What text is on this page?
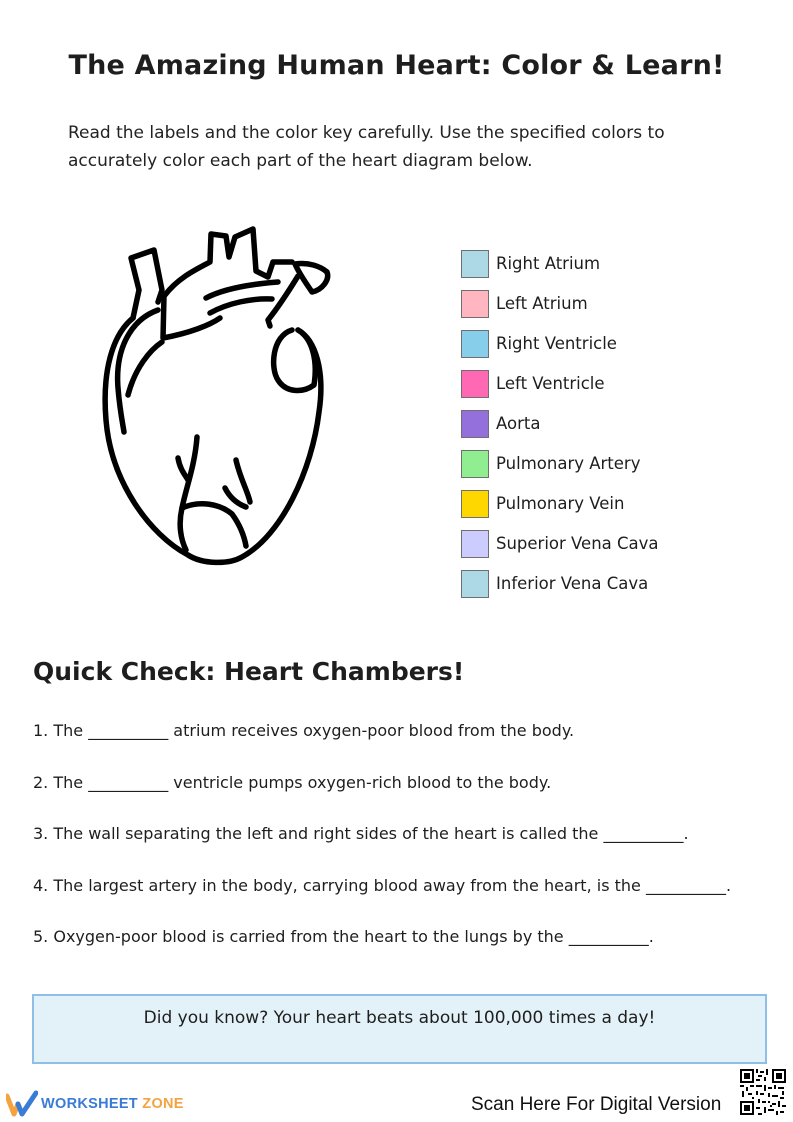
The Amazing Human Heart: Color & Learn!
Read the labels and the color key carefully. Use the specified colors to accurately color each part of the heart diagram below.
Right Atrium
Left Atrium
Right Ventricle
Left Ventricle
Aorta
Pulmonary Artery
Pulmonary Vein
Superior Vena Cava
Inferior Vena Cava
Quick Check: Heart Chambers!
1. The __________ atrium receives oxygen-poor blood from the body.
2. The __________ ventricle pumps oxygen-rich blood to the body.
3. The wall separating the left and right sides of the heart is called the __________.
4. The largest artery in the body, carrying blood away from the heart, is the __________.
5. Oxygen-poor blood is carried from the heart to the lungs by the __________.
Did you know? Your heart beats about 100,000 times a day!
WORKSHEET ZONE	Scan Here For Digital Version
